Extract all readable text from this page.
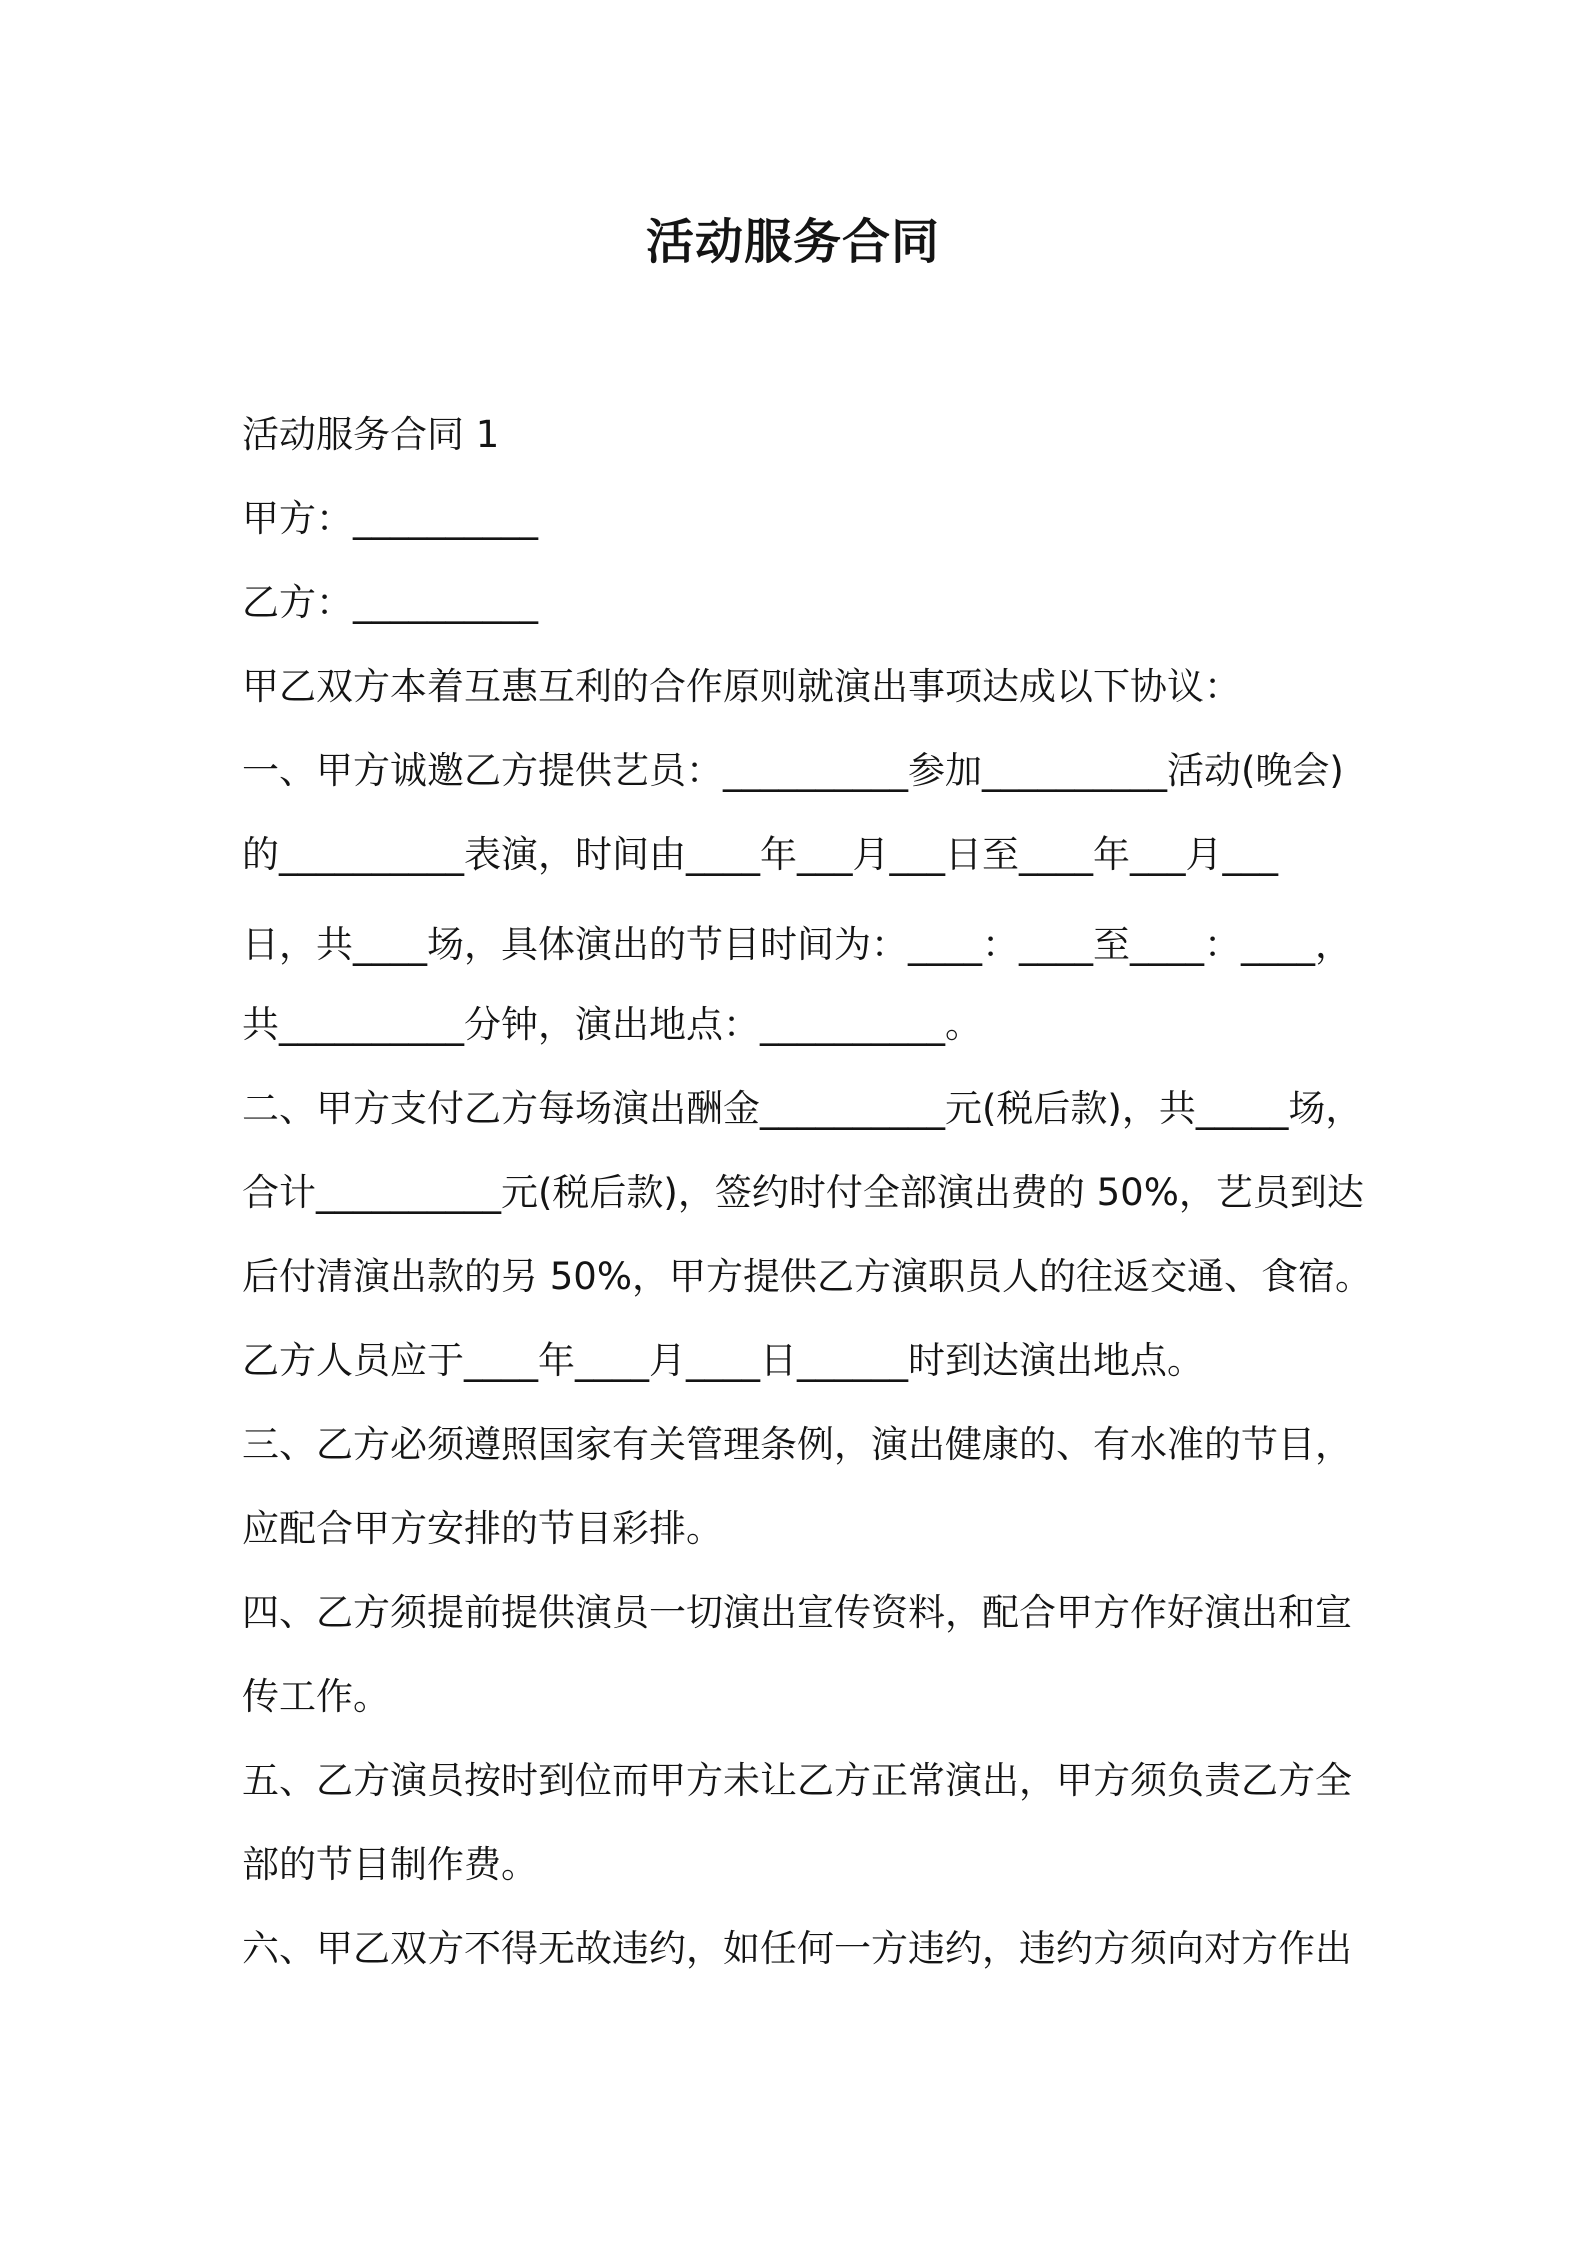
活动服务合同
活动服务合同 1
甲方：__________
乙方：__________
甲乙双方本着互惠互利的合作原则就演出事项达成以下协议：
一、甲方诚邀乙方提供艺员：__________参加__________活动(晚会)
的__________表演，时间由____年___月___日至____年___月___
日，共____场，具体演出的节目时间为：____：____至____：____，
共__________分钟，演出地点：__________。
二、甲方支付乙方每场演出酬金__________元(税后款)，共_____场，
合计__________元(税后款)，签约时付全部演出费的 50%，艺员到达
后付清演出款的另 50%，甲方提供乙方演职员人的往返交通、食宿。
乙方人员应于____年____月____日______时到达演出地点。
三、乙方必须遵照国家有关管理条例，演出健康的、有水准的节目，
应配合甲方安排的节目彩排。
四、乙方须提前提供演员一切演出宣传资料，配合甲方作好演出和宣
传工作。
五、乙方演员按时到位而甲方未让乙方正常演出，甲方须负责乙方全
部的节目制作费。
六、甲乙双方不得无故违约，如任何一方违约，违约方须向对方作出
